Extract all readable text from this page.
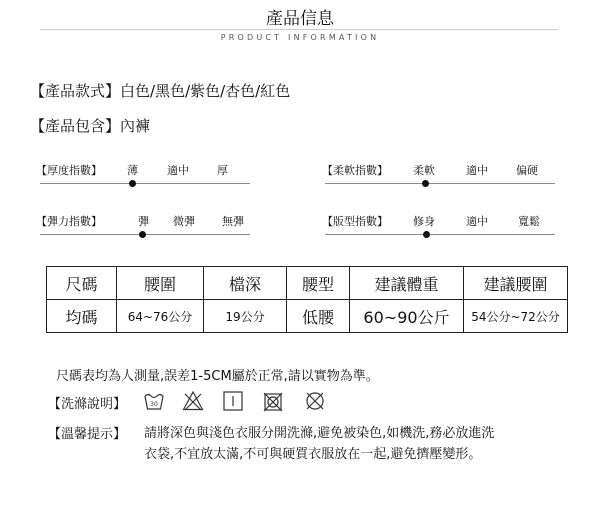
產品信息
PRODUCT INFORMATION
【產品款式】白色/黑色/紫色/杏色/紅色
【產品包含】內褲
【厚度指數】 薄	適中	厚	【柔軟指數】 柔軟	適中	偏硬
【彈力指數】	彈 微彈 無彈	【版型指數】 修身	適中	寬鬆
尺碼	腰圍	檔深	腰型	建議體重	建議腰圍
均碼	64~76公分	19公分	低腰	60~90公斤	54公分~72公分
尺碼表均為人測量,誤差1-5CM屬於正常,請以實物為準。
【洗滌說明】	30
【溫馨提示】 請將深色與淺色衣服分開洗滌,避免被染色,如機洗,務必放進洗
衣袋,不宜放太滿,不可與硬質衣服放在一起,避免擠壓變形。
